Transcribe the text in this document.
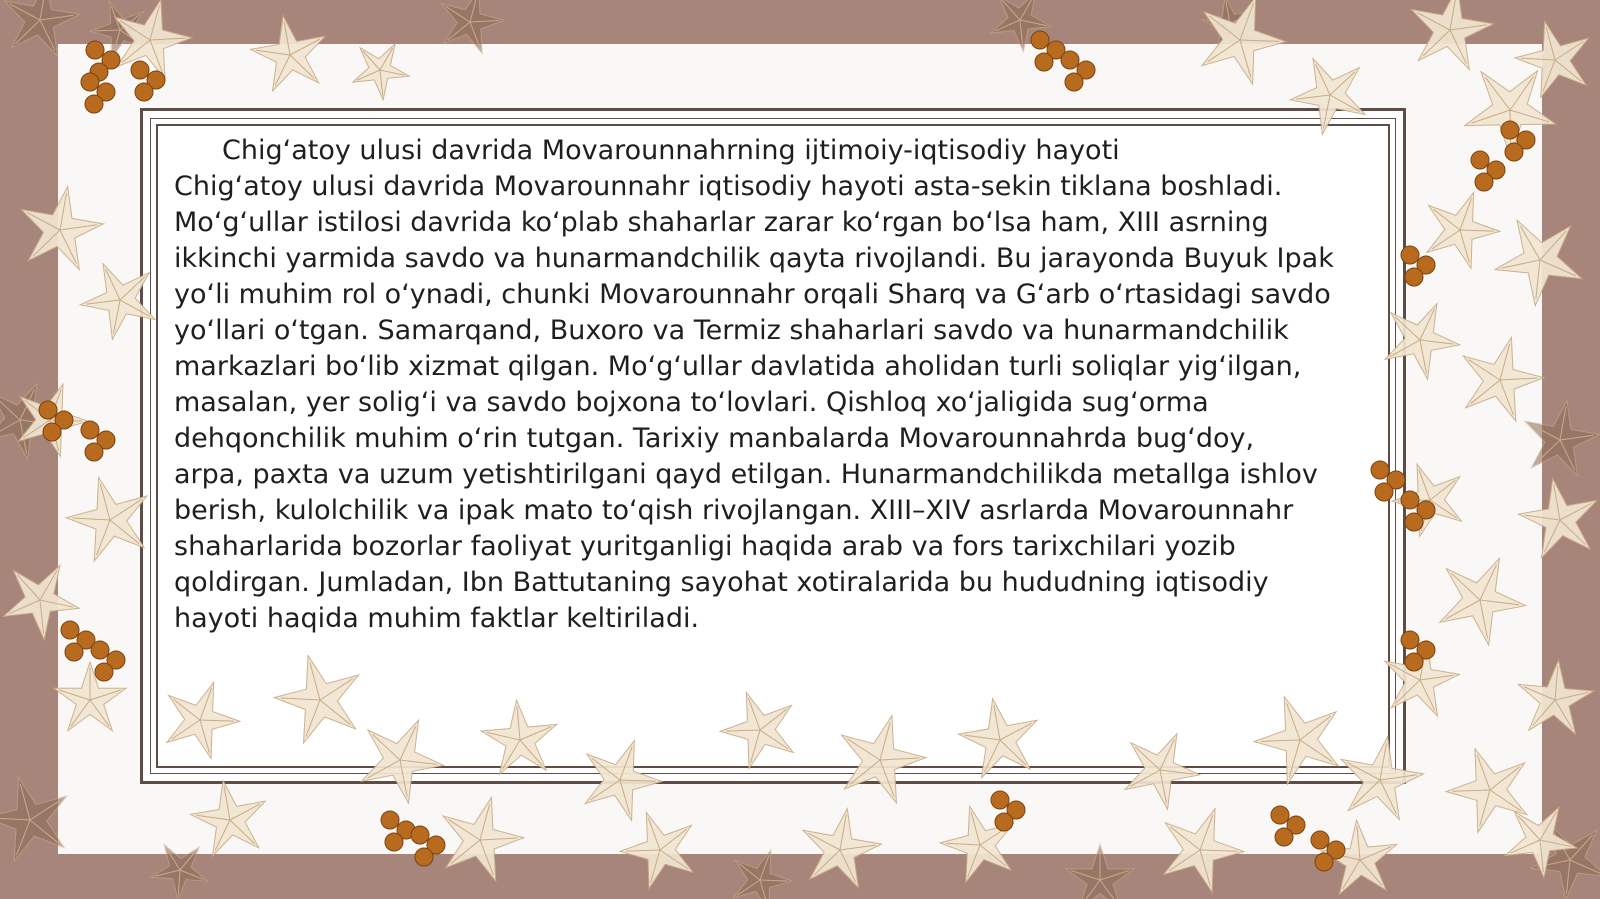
Chig‘atoy ulusi davrida Movarounnahrning ijtimoiy-iqtisodiy hayoti

Chig‘atoy ulusi davrida Movarounnahr iqtisodiy hayoti asta-sekin tiklana boshladi.
Mo‘g‘ullar istilosi davrida ko‘plab shaharlar zarar ko‘rgan bo‘lsa ham, XIII asrning
ikkinchi yarmida savdo va hunarmandchilik qayta rivojlandi. Bu jarayonda Buyuk Ipak
yo‘li muhim rol o‘ynadi, chunki Movarounnahr orqali Sharq va G‘arb o‘rtasidagi savdo
yo‘llari o‘tgan. Samarqand, Buxoro va Termiz shaharlari savdo va hunarmandchilik
markazlari bo‘lib xizmat qilgan. Mo‘g‘ullar davlatida aholidan turli soliqlar yig‘ilgan,
masalan, yer solig‘i va savdo bojxona to‘lovlari. Qishloq xo‘jaligida sug‘orma
dehqonchilik muhim o‘rin tutgan. Tarixiy manbalarda Movarounnahrda bug‘doy,
arpa, paxta va uzum yetishtirilgani qayd etilgan. Hunarmandchilikda metallga ishlov
berish, kulolchilik va ipak mato to‘qish rivojlangan. XIII–XIV asrlarda Movarounnahr
shaharlarida bozorlar faoliyat yuritganligi haqida arab va fors tarixchilari yozib
qoldirgan. Jumladan, Ibn Battutaning sayohat xotiralarida bu hududning iqtisodiy
hayoti haqida muhim faktlar keltiriladi.
